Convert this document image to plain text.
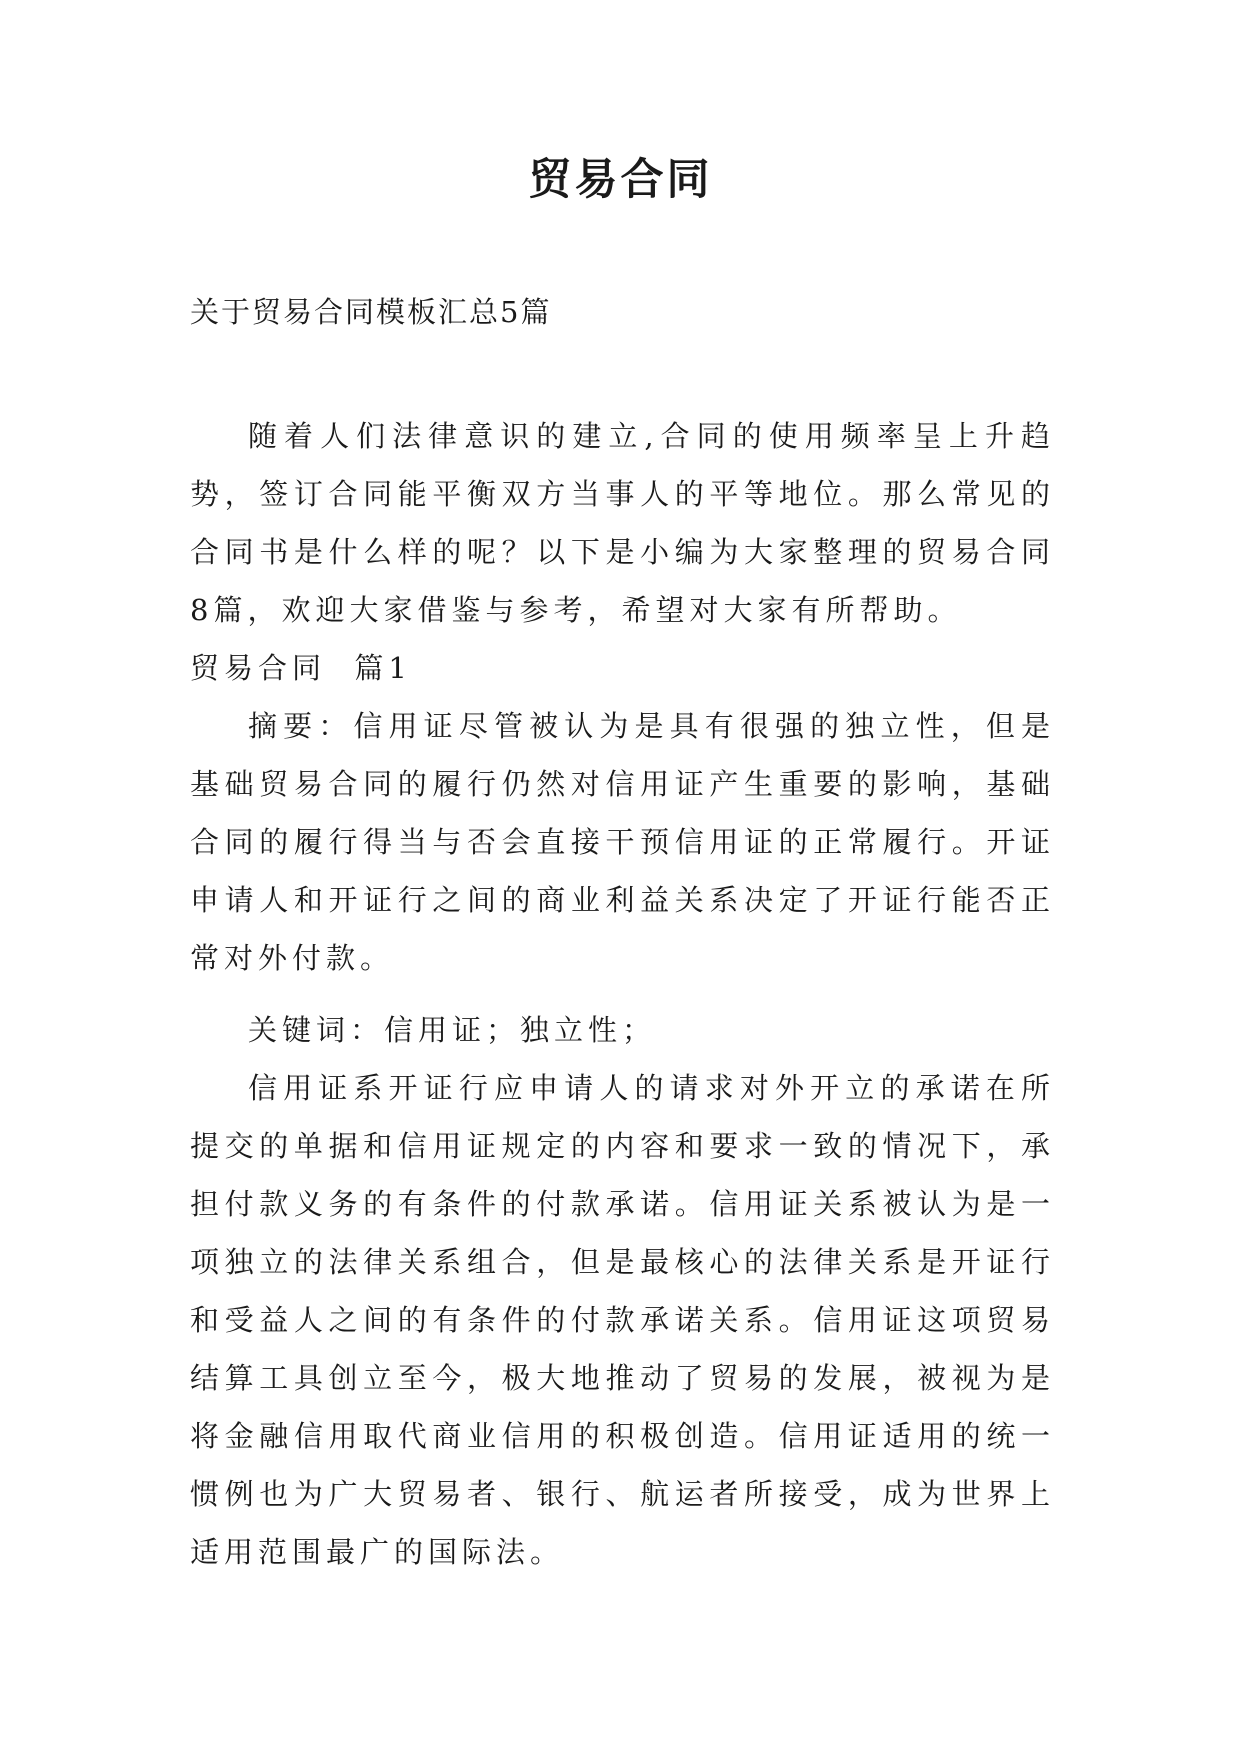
贸易合同
关于贸易合同模板汇总5篇

随着人们法律意识的建立,合同的使用频率呈上升趋势，签订合同能平衡双方当事人的平等地位。那么常见的合同书是什么样的呢？以下是小编为大家整理的贸易合同8篇，欢迎大家借鉴与参考，希望对大家有所帮助。

贸易合同  篇1

摘要：信用证尽管被认为是具有很强的独立性，但是基础贸易合同的履行仍然对信用证产生重要的影响，基础合同的履行得当与否会直接干预信用证的正常履行。开证申请人和开证行之间的商业利益关系决定了开证行能否正常对外付款。

关键词：信用证；独立性；

信用证系开证行应申请人的请求对外开立的承诺在所提交的单据和信用证规定的内容和要求一致的情况下，承担付款义务的有条件的付款承诺。信用证关系被认为是一项独立的法律关系组合，但是最核心的法律关系是开证行和受益人之间的有条件的付款承诺关系。信用证这项贸易结算工具创立至今，极大地推动了贸易的发展，被视为是将金融信用取代商业信用的积极创造。信用证适用的统一惯例也为广大贸易者、银行、航运者所接受，成为世界上适用范围最广的国际法。
